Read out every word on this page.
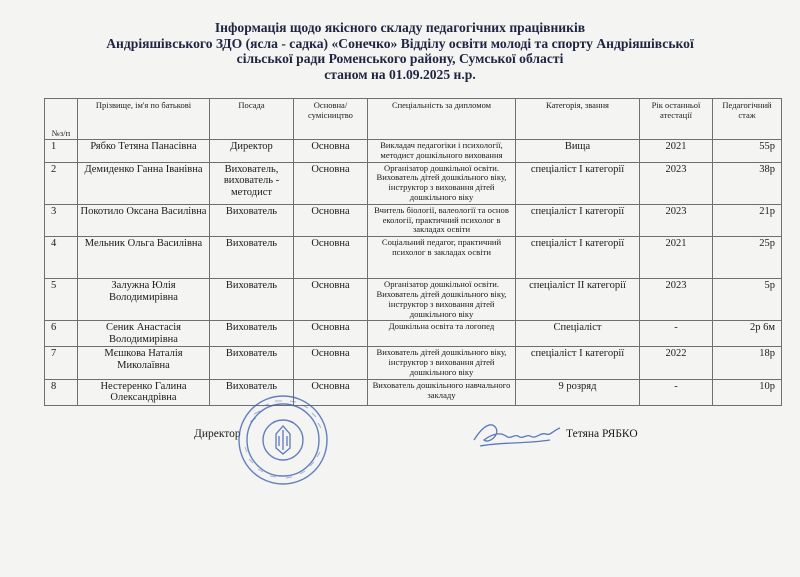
Інформація щодо якісного складу педагогічних працівників
Андріяшівського ЗДО (ясла - садка) «Сонечко» Відділу освіти молоді та спорту Андріяшівської
сільської ради Роменського району, Сумської області
станом на 01.09.2025 н.р.
№з/п	Прізвище, ім'я по батькові	Посада	Основна/ сумісництво	Спеціальність за дипломом	Категорія, звання	Рік останньої атестації	Педагогічний стаж
1	Рябко Тетяна Панасівна	Директор	Основна	Викладач педагогіки і психології, методист дошкільного виховання	Вища	2021	55р
2	Демиденко Ганна Іванівна	Вихователь, вихователь - методист	Основна	Організатор дошкільної освіти. Вихователь дітей дошкільного віку, інструктор з виховання дітей дошкільного віку	спеціаліст І категорії	2023	38р
3	Покотило Оксана Василівна	Вихователь	Основна	Вчитель біології, валеології та основ екології, практичний психолог в закладах освіти	спеціаліст І категорії	2023	21р
4	Мельник Ольга Василівна	Вихователь	Основна	Соціальний педагог, практичний психолог в закладах освіти	спеціаліст І категорії	2021	25р
5	Залужна Юлія Володимирівна	Вихователь	Основна	Організатор дошкільної освіти. Вихователь дітей дошкільного віку, інструктор з виховання дітей дошкільного віку	спеціаліст ІІ категорії	2023	5р
6	Сеник Анастасія Володимирівна	Вихователь	Основна	Дошкільна освіта та логопед	Спеціаліст	-	2р 6м
7	Мєшкова Наталія Миколаївна	Вихователь	Основна	Вихователь дітей дошкільного віку, інструктор з виховання дітей дошкільного віку	спеціаліст І категорії	2022	18р
8	Нестеренко Галина Олександрівна	Вихователь	Основна	Вихователь дошкільного навчального закладу	9 розряд	-	10р
Директор	Тетяна РЯБКО
